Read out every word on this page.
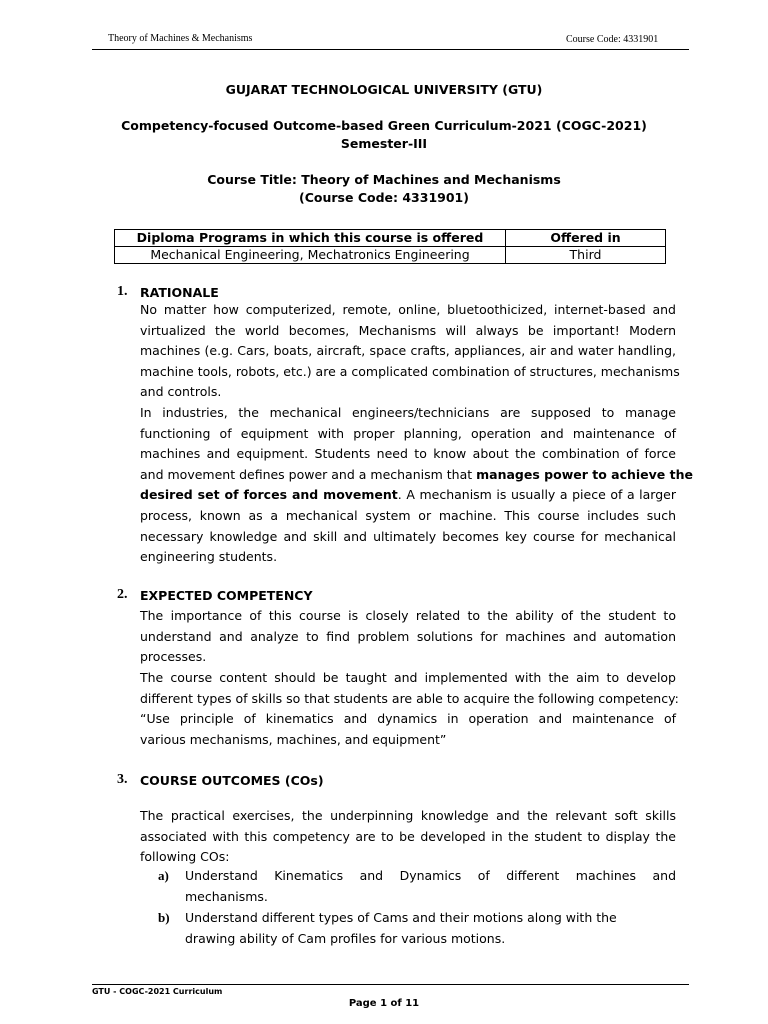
Theory of Machines & Mechanisms	Course Code: 4331901
GUJARAT TECHNOLOGICAL UNIVERSITY (GTU)
Competency-focused Outcome-based Green Curriculum-2021 (COGC-2021)
Semester-III
Course Title: Theory of Machines and Mechanisms
(Course Code: 4331901)
Diploma Programs in which this course is offered	Offered in
Mechanical Engineering, Mechatronics Engineering	Third
1. RATIONALE
No matter how computerized, remote, online, bluetoothicized, internet-based and
virtualized the world becomes, Mechanisms will always be important! Modern
machines (e.g. Cars, boats, aircraft, space crafts, appliances, air and water handling,
machine tools, robots, etc.) are a complicated combination of structures, mechanisms
and controls.
In industries, the mechanical engineers/technicians are supposed to manage
functioning of equipment with proper planning, operation and maintenance of
machines and equipment. Students need to know about the combination of force
and movement defines power and a mechanism that manages power to achieve the
desired set of forces and movement. A mechanism is usually a piece of a larger
process, known as a mechanical system or machine. This course includes such
necessary knowledge and skill and ultimately becomes key course for mechanical
engineering students.
2. EXPECTED COMPETENCY
The importance of this course is closely related to the ability of the student to
understand and analyze to find problem solutions for machines and automation
processes.
The course content should be taught and implemented with the aim to develop
different types of skills so that students are able to acquire the following competency:
“Use principle of kinematics and dynamics in operation and maintenance of
various mechanisms, machines, and equipment”
3. COURSE OUTCOMES (COs)
The practical exercises, the underpinning knowledge and the relevant soft skills
associated with this competency are to be developed in the student to display the
following COs:
a) Understand Kinematics and Dynamics of different machines and
mechanisms.
b) Understand different types of Cams and their motions along with the
drawing ability of Cam profiles for various motions.
GTU - COGC-2021 Curriculum
Page 1 of 11
